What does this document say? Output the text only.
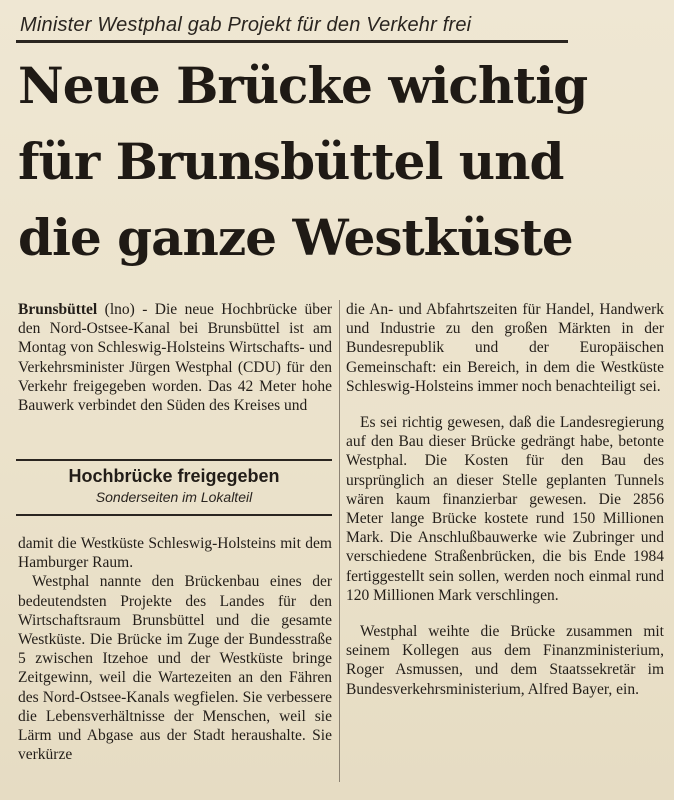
Minister Westphal gab Projekt für den Verkehr frei
Neue Brücke wichtig
für Brunsbüttel und
die ganze Westküste

Brunsbüttel (lno) - Die neue Hochbrücke über den Nord-Ostsee-Kanal bei Brunsbüttel ist am Montag von Schleswig-Holsteins Wirtschafts- und Verkehrsminister Jürgen Westphal (CDU) für den Verkehr freigegeben worden. Das 42 Meter hohe Bauwerk verbindet den Süden des Kreises und

Hochbrücke freigegeben
Sonderseiten im Lokalteil

damit die Westküste Schleswig-Holsteins mit dem Hamburger Raum.

Westphal nannte den Brückenbau eines der bedeutendsten Projekte des Landes für den Wirtschaftsraum Brunsbüttel und die gesamte Westküste. Die Brücke im Zuge der Bundesstraße 5 zwischen Itzehoe und der Westküste bringe Zeitgewinn, weil die Wartezeiten an den Fähren des Nord-Ostsee-Kanals wegfielen. Sie verbessere die Lebensverhältnisse der Menschen, weil sie Lärm und Abgase aus der Stadt heraushalte. Sie verkürze

die An- und Abfahrtszeiten für Handel, Handwerk und Industrie zu den großen Märkten in der Bundesrepublik und der Europäischen Gemeinschaft: ein Bereich, in dem die Westküste Schleswig-Holsteins immer noch benachteiligt sei.

Es sei richtig gewesen, daß die Landesregierung auf den Bau dieser Brücke gedrängt habe, betonte Westphal. Die Kosten für den Bau des ursprünglich an dieser Stelle geplanten Tunnels wären kaum finanzierbar gewesen. Die 2856 Meter lange Brücke kostete rund 150 Millionen Mark. Die Anschlußbauwerke wie Zubringer und verschiedene Straßenbrücken, die bis Ende 1984 fertiggestellt sein sollen, werden noch einmal rund 120 Millionen Mark verschlingen.

Westphal weihte die Brücke zusammen mit seinem Kollegen aus dem Finanzministerium, Roger Asmussen, und dem Staatssekretär im Bundesverkehrsministerium, Alfred Bayer, ein.
